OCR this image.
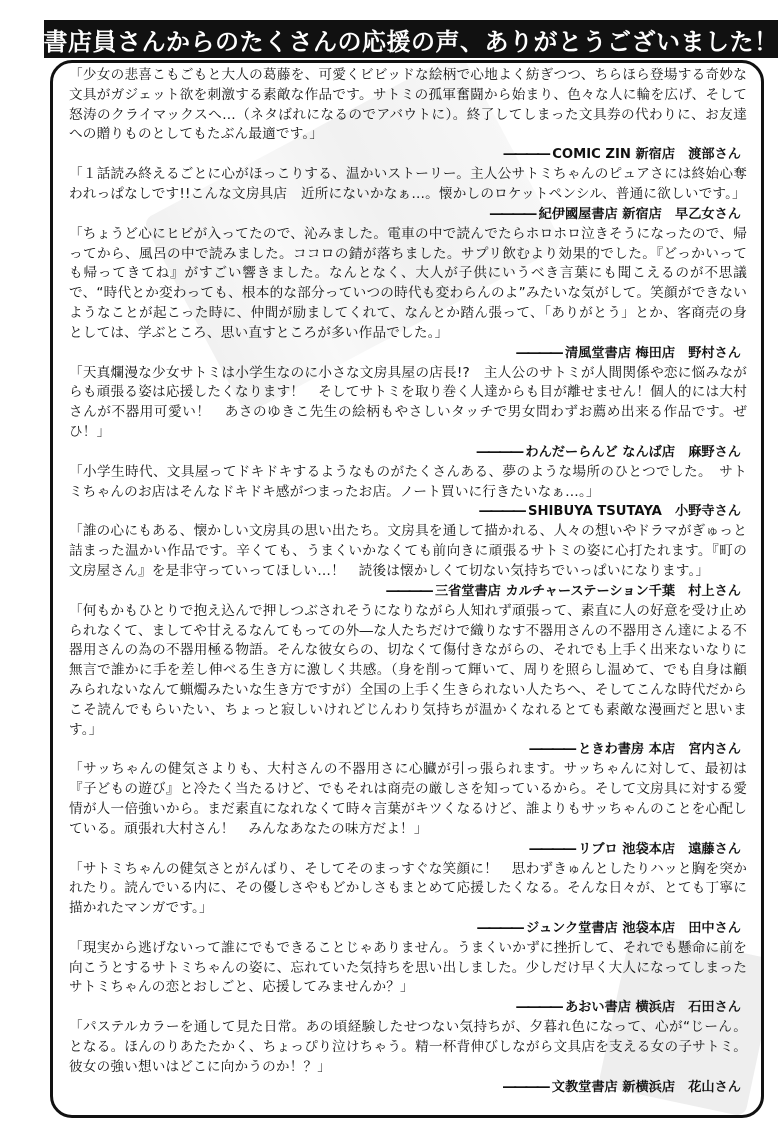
書店員さんからのたくさんの応援の声、ありがとうございました！

「少女の悲喜こもごもと大人の葛藤を、可愛くビビッドな絵柄で心地よく紡ぎつつ、ちらほら登場する奇妙な文具がガジェット欲を刺激する素敵な作品です。サトミの孤軍奮闘から始まり、色々な人に輪を広げ、そして怒涛のクライマックスへ…（ネタばれになるのでアバウトに）。終了してしまった文具券の代わりに、お友達への贈りものとしてもたぶん最適です。」

―――― COMIC ZIN 新宿店　渡部さん

「１話読み終えるごとに心がほっこりする、温かいストーリー。主人公サトミちゃんのピュアさには終始心奪われっぱなしです!!こんな文房具店　近所にないかなぁ…。懐かしのロケットペンシル、普通に欲しいです。」

―――― 紀伊國屋書店 新宿店　早乙女さん

「ちょうど心にヒビが入ってたので、沁みました。電車の中で読んでたらホロホロ泣きそうになったので、帰ってから、風呂の中で読みました。ココロの錆が落ちました。サプリ飲むより効果的でした。『どっかいっても帰ってきてね』がすごい響きました。なんとなく、大人が子供にいうべき言葉にも聞こえるのが不思議で、“時代とか変わっても、根本的な部分っていつの時代も変わらんのよ”みたいな気がして。笑顔ができないようなことが起こった時に、仲間が励ましてくれて、なんとか踏ん張って、「ありがとう」とか、客商売の身としては、学ぶところ、思い直すところが多い作品でした。」

―――― 清風堂書店 梅田店　野村さん

「天真爛漫な少女サトミは小学生なのに小さな文房具屋の店長!?　主人公のサトミが人間関係や恋に悩みながらも頑張る姿は応援したくなります！　そしてサトミを取り巻く人達からも目が離せません！個人的には大村さんが不器用可愛い！　あさのゆきこ先生の絵柄もやさしいタッチで男女問わずお薦め出来る作品です。ぜひ！」

―――― わんだーらんど なんば店　麻野さん

「小学生時代、文具屋ってドキドキするようなものがたくさんある、夢のような場所のひとつでした。　サトミちゃんのお店はそんなドキドキ感がつまったお店。ノート買いに行きたいなぁ…。」

―――― SHIBUYA TSUTAYA　小野寺さん

「誰の心にもある、懐かしい文房具の思い出たち。文房具を通して描かれる、人々の想いやドラマがぎゅっと詰まった温かい作品です。辛くても、うまくいかなくても前向きに頑張るサトミの姿に心打たれます。『町の文房屋さん』を是非守っていってほしい…！　読後は懐かしくて切ない気持ちでいっぱいになります。」

―――― 三省堂書店 カルチャーステーション千葉　村上さん

「何もかもひとりで抱え込んで押しつぶされそうになりながら人知れず頑張って、素直に人の好意を受け止められなくて、ましてや甘えるなんてもっての外―な人たちだけで織りなす不器用さんの不器用さん達による不器用さんの為の不器用極る物語。そんな彼女らの、切なくて傷付きながらの、それでも上手く出来ないなりに無言で誰かに手を差し伸べる生き方に激しく共感。（身を削って輝いて、周りを照らし温めて、でも自身は顧みられないなんて蝋燭みたいな生き方ですが）全国の上手く生きられない人たちへ、そしてこんな時代だからこそ読んでもらいたい、ちょっと寂しいけれどじんわり気持ちが温かくなれるとても素敵な漫画だと思います。」

―――― ときわ書房 本店　宮内さん

「サッちゃんの健気さよりも、大村さんの不器用さに心臓が引っ張られます。サッちゃんに対して、最初は『子どもの遊び』と冷たく当たるけど、でもそれは商売の厳しさを知っているから。そして文房具に対する愛情が人一倍強いから。まだ素直になれなくて時々言葉がキツくなるけど、誰よりもサッちゃんのことを心配している。頑張れ大村さん！　みんなあなたの味方だよ！」

―――― リブロ 池袋本店　遠藤さん

「サトミちゃんの健気さとがんばり、そしてそのまっすぐな笑顔に！　思わずきゅんとしたりハッと胸を突かれたり。読んでいる内に、その優しさやもどかしさもまとめて応援したくなる。そんな日々が、とても丁寧に描かれたマンガです。」

―――― ジュンク堂書店 池袋本店　田中さん

「現実から逃げないって誰にでもできることじゃありません。うまくいかずに挫折して、それでも懸命に前を向こうとするサトミちゃんの姿に、忘れていた気持ちを思い出しました。少しだけ早く大人になってしまったサトミちゃんの恋とおしごと、応援してみませんか？」

―――― あおい書店 横浜店　石田さん

「パステルカラーを通して見た日常。あの頃経験したせつない気持ちが、夕暮れ色になって、心が“じーん。となる。ほんのりあたたかく、ちょっぴり泣けちゃう。精一杯背伸びしながら文具店を支える女の子サトミ。彼女の強い想いはどこに向かうのか！？」

―――― 文教堂書店 新横浜店　花山さん
